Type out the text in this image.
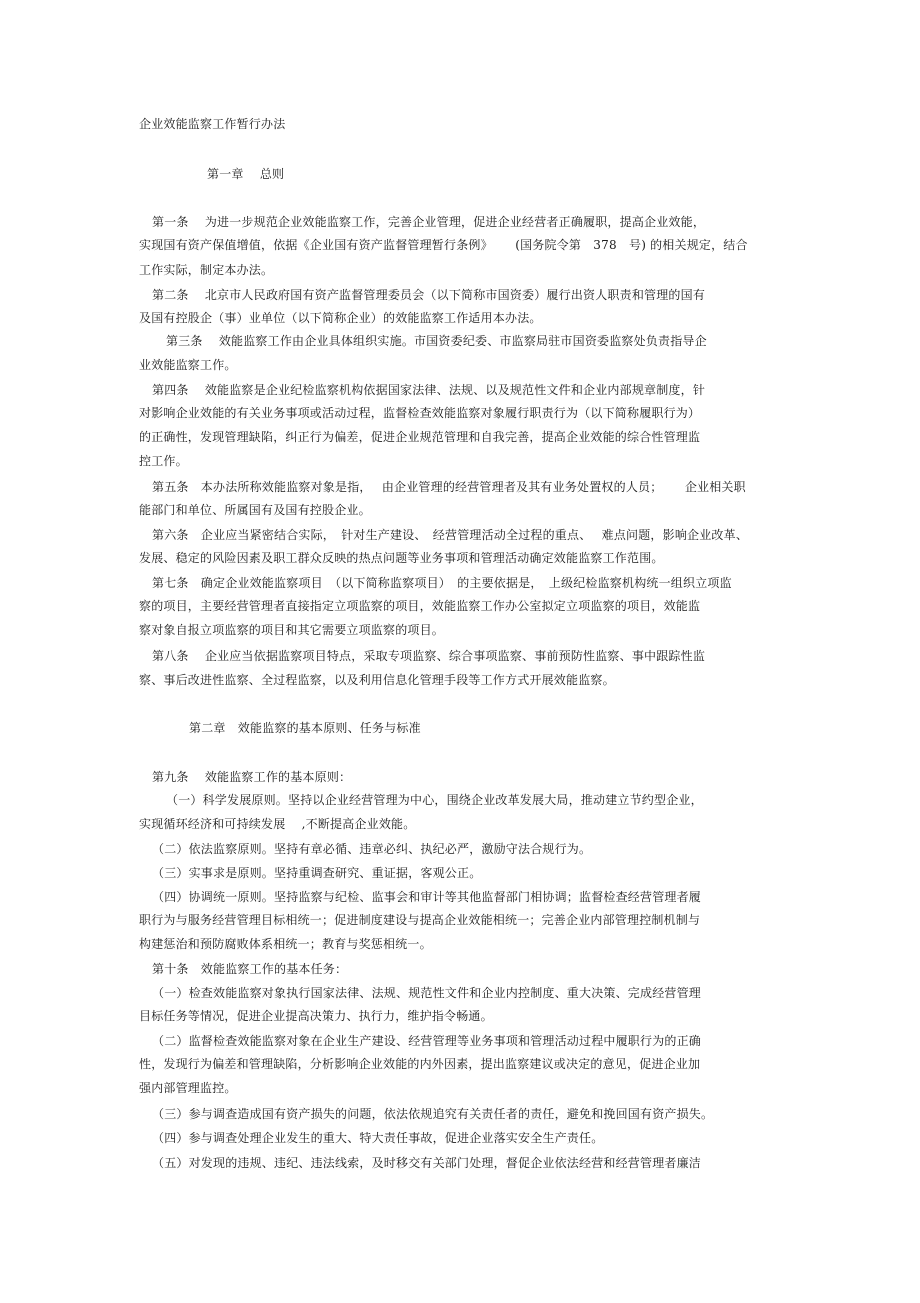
企业效能监察工作暂行办法
第一章　 总则
第一条　 为进一步规范企业效能监察工作，完善企业管理，促进企业经营者正确履职，提高企业效能，
实现国有资产保值增值，依据《企业国有资产监督管理暂行条例》　　 (国务院令第　378　号) 的相关规定，结合
工作实际，制定本办法。
第二条　 北京市人民政府国有资产监督管理委员会（以下简称市国资委）履行出资人职责和管理的国有
及国有控股企（事）业单位（以下简称企业）的效能监察工作适用本办法。
第三条　 效能监察工作由企业具体组织实施。市国资委纪委、市监察局驻市国资委监察处负责指导企
业效能监察工作。
第四条　 效能监察是企业纪检监察机构依据国家法律、法规、以及规范性文件和企业内部规章制度，针
对影响企业效能的有关业务事项或活动过程，监督检查效能监察对象履行职责行为（以下简称履职行为）
的正确性，发现管理缺陷，纠正行为偏差，促进企业规范管理和自我完善，提高企业效能的综合性管理监
控工作。
第五条　本办法所称效能监察对象是指，　 由企业管理的经营管理者及其有业务处置权的人员；　　 企业相关职
能部门和单位、所属国有及国有控股企业。
第六条　企业应当紧密结合实际，　针对生产建设、　经营管理活动全过程的重点、　 难点问题，影响企业改革、
发展、稳定的风险因素及职工群众反映的热点问题等业务事项和管理活动确定效能监察工作范围。
第七条　确定企业效能监察项目　（以下简称监察项目）　的主要依据是，　上级纪检监察机构统一组织立项监
察的项目，主要经营管理者直接指定立项监察的项目，效能监察工作办公室拟定立项监察的项目，效能监
察对象自报立项监察的项目和其它需要立项监察的项目。
第八条　 企业应当依据监察项目特点，采取专项监察、综合事项监察、事前预防性监察、事中跟踪性监
察、事后改进性监察、全过程监察，以及利用信息化管理手段等工作方式开展效能监察。
第二章　效能监察的基本原则、任务与标准
第九条　 效能监察工作的基本原则：
（一）科学发展原则。坚持以企业经营管理为中心，围绕企业改革发展大局，推动建立节约型企业，
实现循环经济和可持续发展　 ,不断提高企业效能。
（二）依法监察原则。坚持有章必循、违章必纠、执纪必严，激励守法合规行为。
（三）实事求是原则。坚持重调查研究、重证据，客观公正。
（四）协调统一原则。坚持监察与纪检、监事会和审计等其他监督部门相协调；监督检查经营管理者履
职行为与服务经营管理目标相统一；促进制度建设与提高企业效能相统一；完善企业内部管理控制机制与
构建惩治和预防腐败体系相统一；教育与奖惩相统一。
第十条　效能监察工作的基本任务：
（一）检查效能监察对象执行国家法律、法规、规范性文件和企业内控制度、重大决策、完成经营管理
目标任务等情况，促进企业提高决策力、执行力，维护指令畅通。
（二）监督检查效能监察对象在企业生产建设、经营管理等业务事项和管理活动过程中履职行为的正确
性，发现行为偏差和管理缺陷，分析影响企业效能的内外因素，提出监察建议或决定的意见，促进企业加
强内部管理监控。
（三）参与调查造成国有资产损失的问题，依法依规追究有关责任者的责任，避免和挽回国有资产损失。
（四）参与调查处理企业发生的重大、特大责任事故，促进企业落实安全生产责任。
（五）对发现的违规、违纪、违法线索，及时移交有关部门处理，督促企业依法经营和经营管理者廉洁
